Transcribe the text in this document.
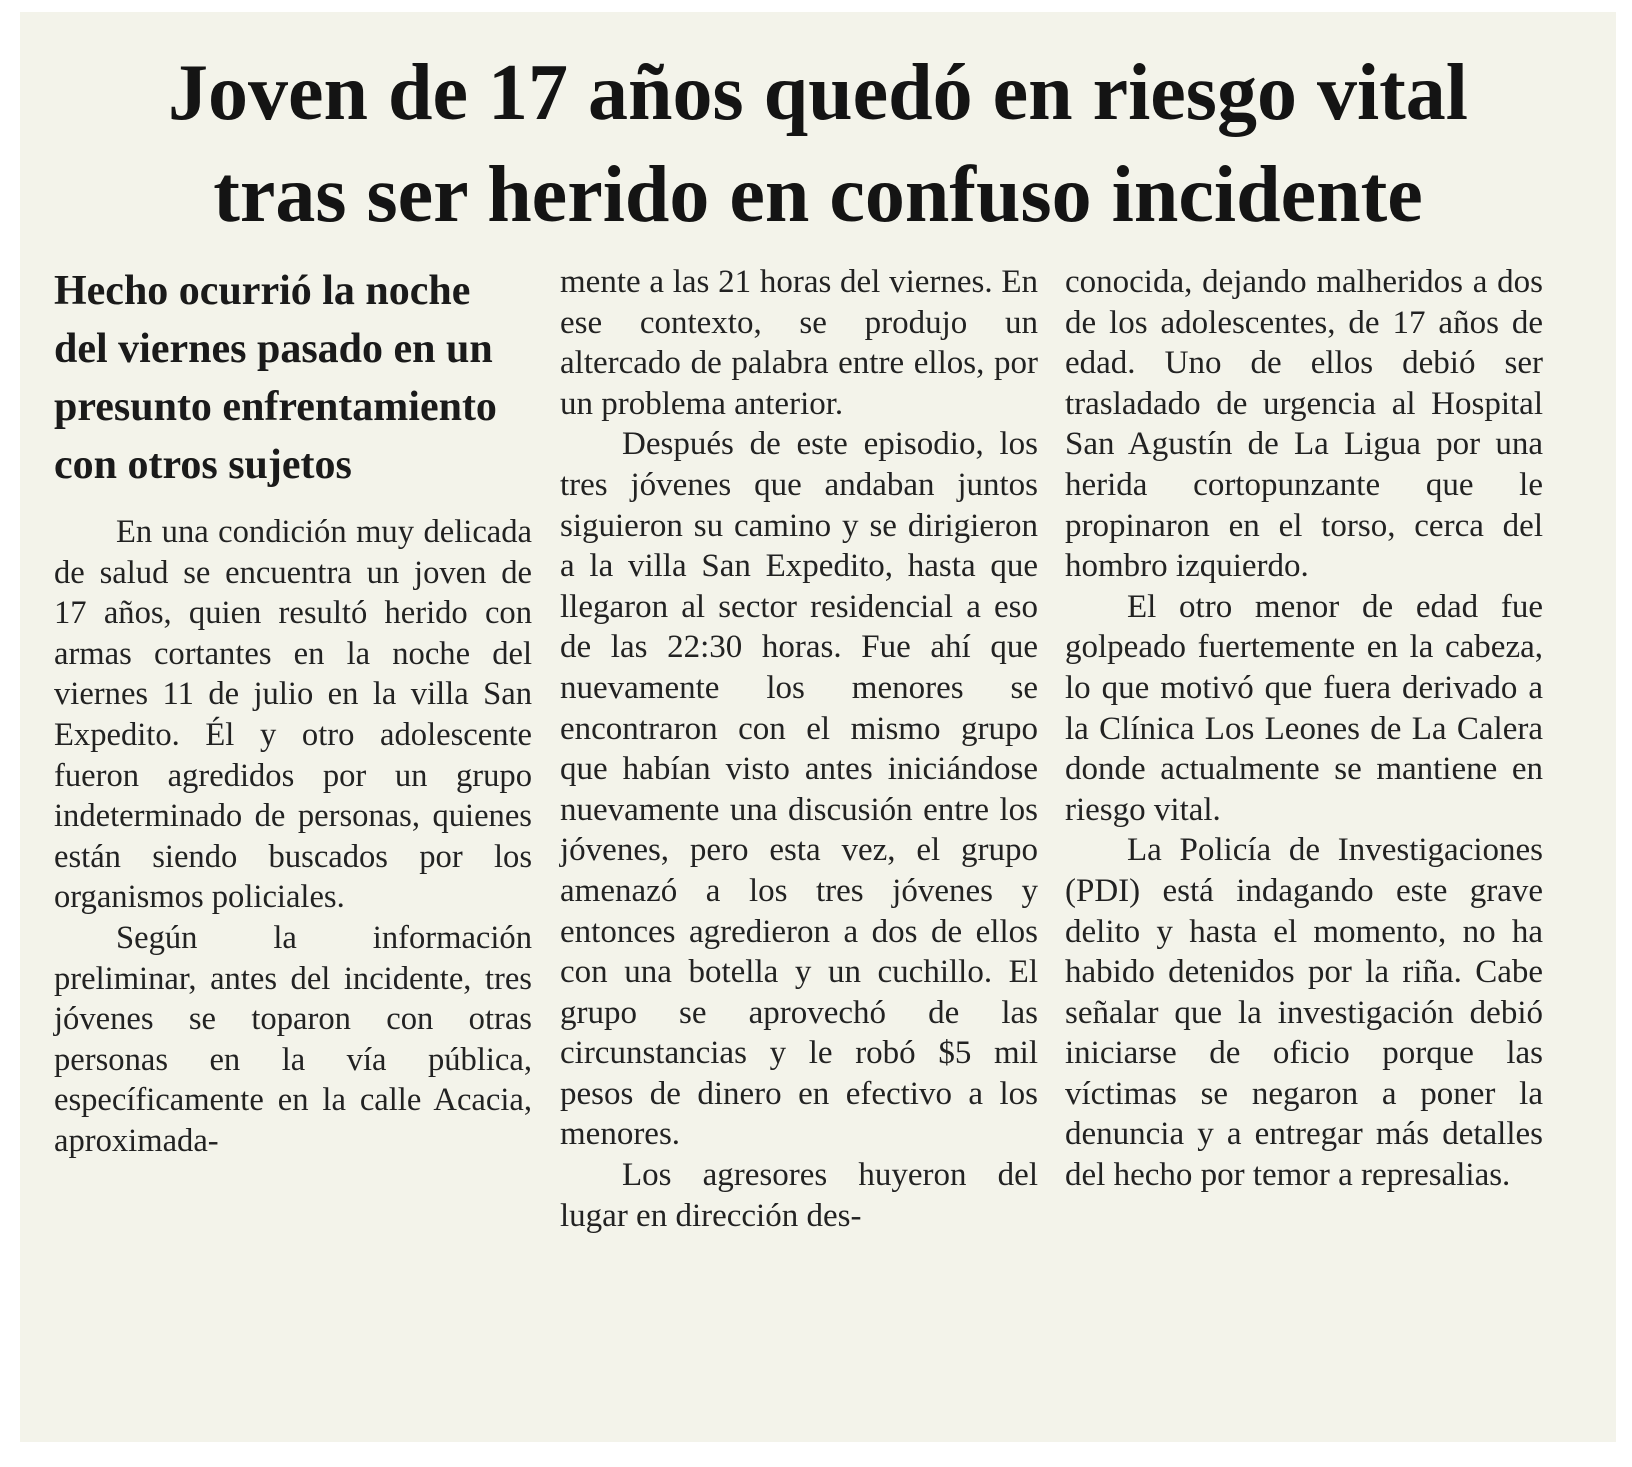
Joven de 17 años quedó en riesgo vital
tras ser herido en confuso incidente
Hecho ocurrió la noche del viernes pasado en un presunto enfrentamiento con otros sujetos

En una condición muy delicada de salud se encuentra un joven de 17 años, quien resultó herido con armas cortantes en la noche del viernes 11 de julio en la villa San Expedito. Él y otro adolescente fueron agredidos por un grupo indeterminado de personas, quienes están siendo buscados por los organismos policiales.

Según la información preliminar, antes del incidente, tres jóvenes se toparon con otras personas en la vía pública, específicamente en la calle Acacia, aproximada-

mente a las 21 horas del viernes. En ese contexto, se produjo un altercado de palabra entre ellos, por un problema anterior.

Después de este episodio, los tres jóvenes que andaban juntos siguieron su camino y se dirigieron a la villa San Expedito, hasta que llegaron al sector residencial a eso de las 22:30 horas. Fue ahí que nuevamente los menores se encontraron con el mismo grupo que habían visto antes iniciándose nuevamente una discusión entre los jóvenes, pero esta vez, el grupo amenazó a los tres jóvenes y entonces agredieron a dos de ellos con una botella y un cuchillo. El grupo se aprovechó de las circunstancias y le robó $5 mil pesos de dinero en efectivo a los menores.

Los agresores huyeron del lugar en dirección des-

conocida, dejando malheridos a dos de los adolescentes, de 17 años de edad. Uno de ellos debió ser trasladado de urgencia al Hospital San Agustín de La Ligua por una herida cortopunzante que le propinaron en el torso, cerca del hombro izquierdo.

El otro menor de edad fue golpeado fuertemente en la cabeza, lo que motivó que fuera derivado a la Clínica Los Leones de La Calera donde actualmente se mantiene en riesgo vital.

La Policía de Investigaciones (PDI) está indagando este grave delito y hasta el momento, no ha habido detenidos por la riña. Cabe señalar que la investigación debió iniciarse de oficio porque las víctimas se negaron a poner la denuncia y a entregar más detalles del hecho por temor a represalias.
